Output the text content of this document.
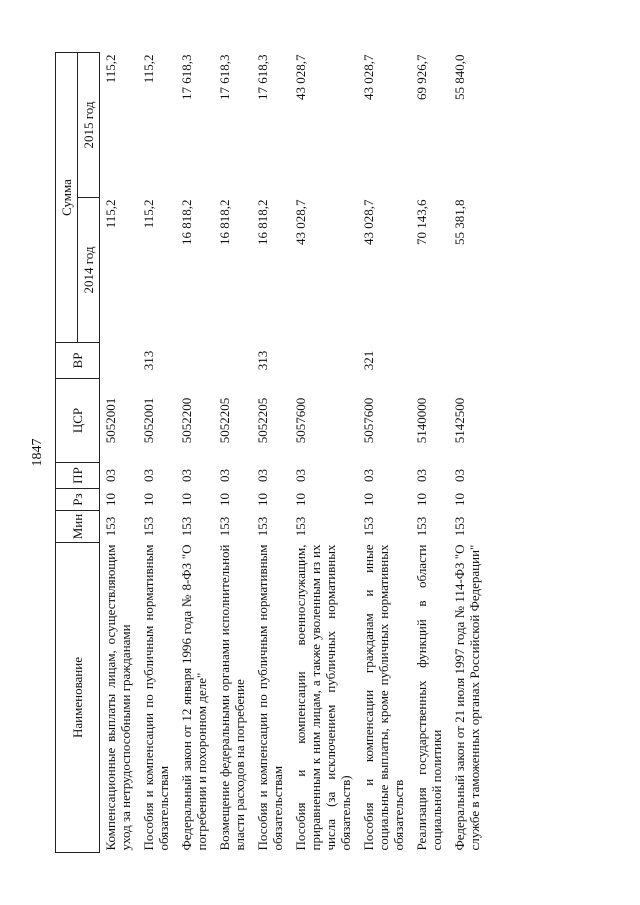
1847
Наименование	Мин	Рз	ПР	ЦСР	ВР	Сумма	
						2014 год	2015 год
Компенсационные выплаты лицам, осуществляющим уход за нетрудоспособными гражданами	153	10	03	5052001		115,2	115,2
Пособия и компенсации по публичным нормативным обязательствам	153	10	03	5052001	313	115,2	115,2
Федеральный закон от 12 января 1996 года № 8-ФЗ "О погребении и похоронном деле"	153	10	03	5052200		16 818,2	17 618,3
Возмещение федеральными органами исполнительной власти расходов на погребение	153	10	03	5052205		16 818,2	17 618,3
Пособия и компенсации по публичным нормативным обязательствам	153	10	03	5052205	313	16 818,2	17 618,3
Пособия и компенсации военнослужащим, приравненным к ним лицам, а также уволенным из их числа (за исключением публичных нормативных обязательств)	153	10	03	5057600		43 028,7	43 028,7
Пособия и компенсации гражданам и иные социальные выплаты, кроме публичных нормативных обязательств	153	10	03	5057600	321	43 028,7	43 028,7
Реализация государственных функций в области социальной политики	153	10	03	5140000		70 143,6	69 926,7
Федеральный закон от 21 июля 1997 года № 114-ФЗ "О службе в таможенных органах Российской Федерации"	153	10	03	5142500		55 381,8	55 840,0
